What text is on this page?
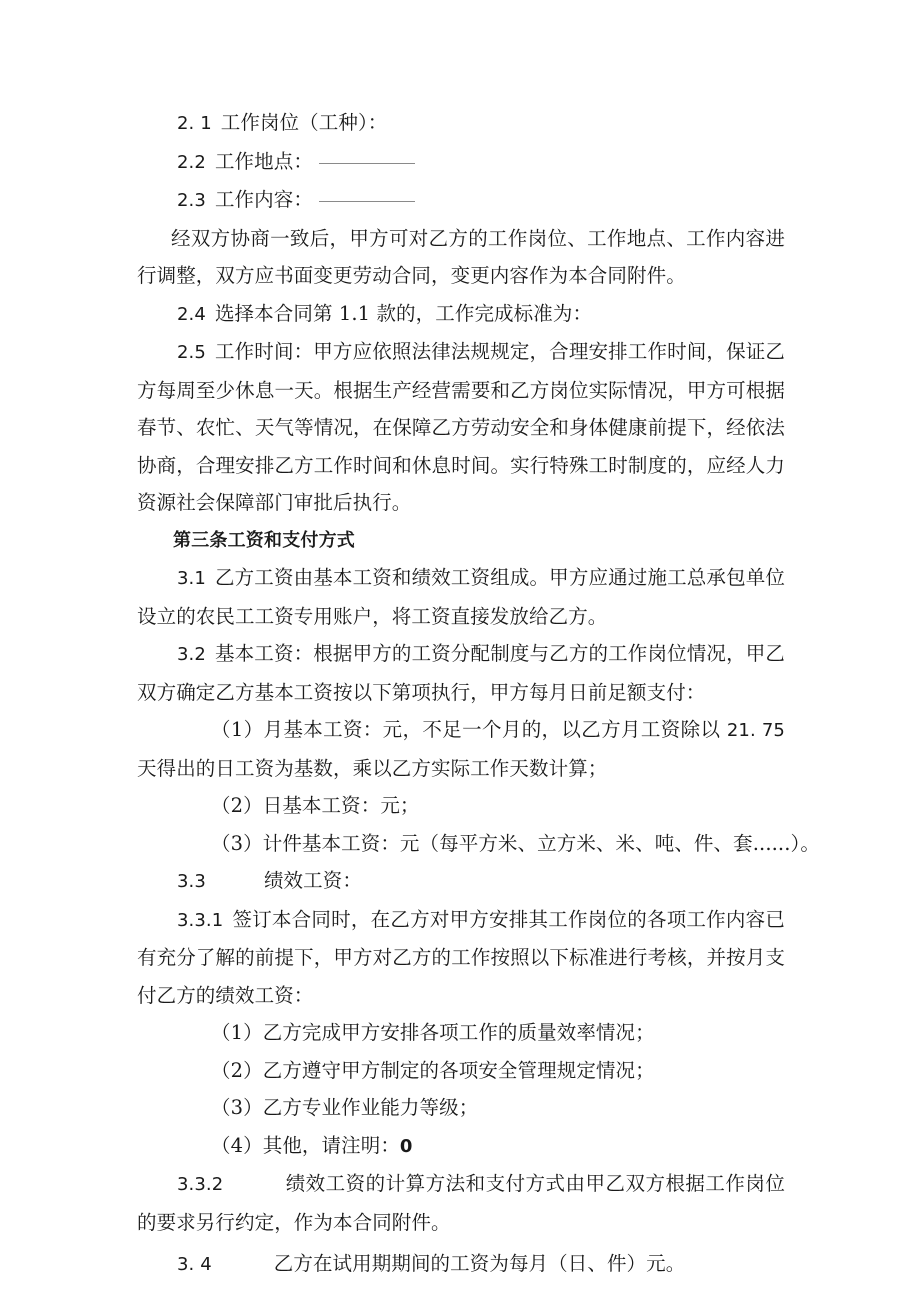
2. 1 工作岗位（工种）：

2.2 工作地点：

2.3 工作内容：

经双方协商一致后，甲方可对乙方的工作岗位、工作地点、工作内容进行调整，双方应书面变更劳动合同，变更内容作为本合同附件。

2.4 选择本合同第 1.1 款的，工作完成标准为：

2.5 工作时间：甲方应依照法律法规规定，合理安排工作时间，保证乙方每周至少休息一天。根据生产经营需要和乙方岗位实际情况，甲方可根据春节、农忙、天气等情况，在保障乙方劳动安全和身体健康前提下，经依法协商，合理安排乙方工作时间和休息时间。实行特殊工时制度的，应经人力资源社会保障部门审批后执行。

第三条工资和支付方式

3.1 乙方工资由基本工资和绩效工资组成。甲方应通过施工总承包单位设立的农民工工资专用账户，将工资直接发放给乙方。

3.2 基本工资：根据甲方的工资分配制度与乙方的工作岗位情况，甲乙双方确定乙方基本工资按以下第项执行，甲方每月日前足额支付：

（1）月基本工资：元，不足一个月的，以乙方月工资除以 21. 75 天得出的日工资为基数，乘以乙方实际工作天数计算；

（2）日基本工资：元；

（3）计件基本工资：元（每平方米、立方米、米、吨、件、套......）。

3.3	绩效工资：

3.3.1 签订本合同时，在乙方对甲方安排其工作岗位的各项工作内容已有充分了解的前提下，甲方对乙方的工作按照以下标准进行考核，并按月支付乙方的绩效工资：

（1）乙方完成甲方安排各项工作的质量效率情况；

（2）乙方遵守甲方制定的各项安全管理规定情况；

（3）乙方专业作业能力等级；

（4）其他，请注明：0

3.3.2	绩效工资的计算方法和支付方式由甲乙双方根据工作岗位的要求另行约定，作为本合同附件。

3. 4	乙方在试用期期间的工资为每月（日、件）元。
